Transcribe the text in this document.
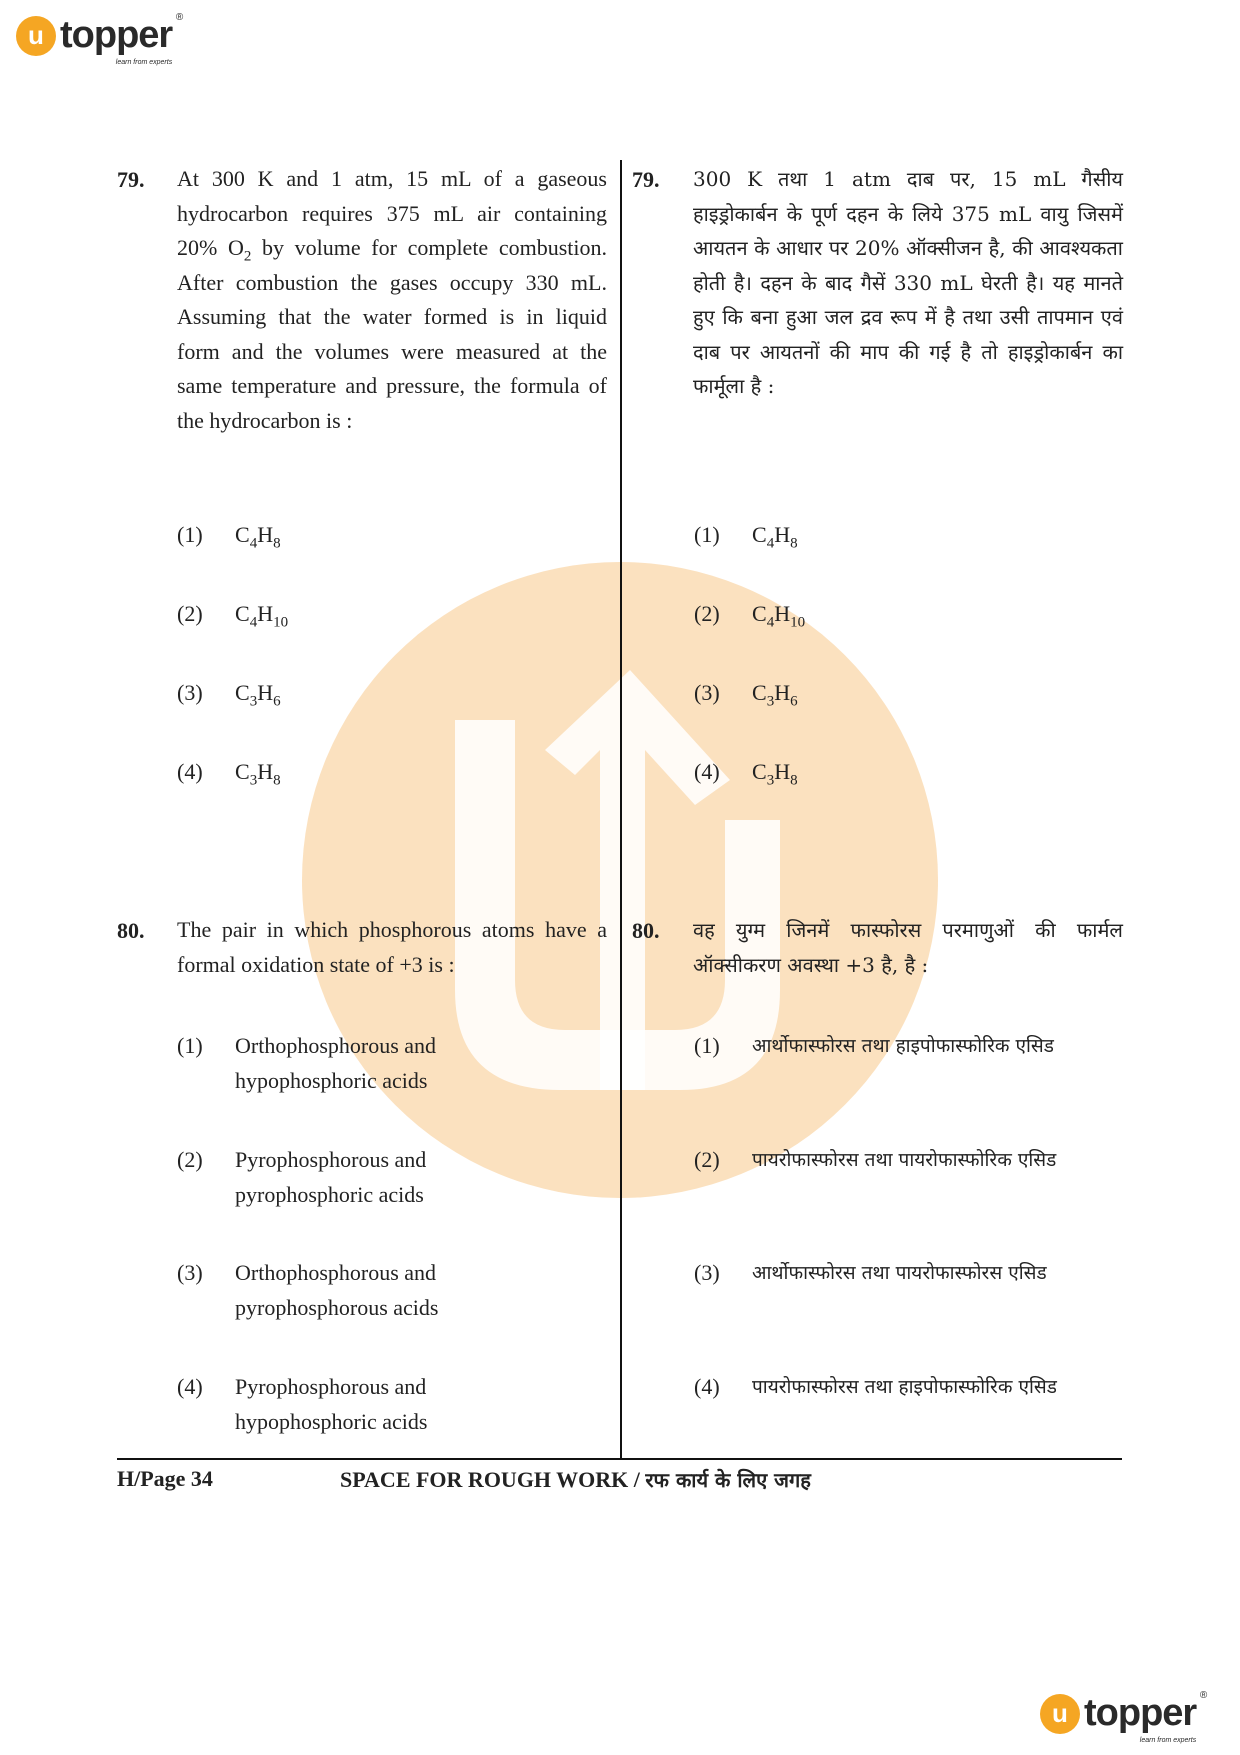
u topper ®
learn from experts
79. At 300 K and 1 atm, 15 mL of a gaseous hydrocarbon requires 375 mL air containing 20% $O_2$ by volume for complete combustion. After combustion the gases occupy 330 mL. Assuming that the water formed is in liquid form and the volumes were measured at the same temperature and pressure, the formula of the hydrocarbon is :
79. 300 K तथा 1 atm दाब पर, 15 mL गैसीय हाइड्रोकार्बन के पूर्ण दहन के लिये 375 mL वायु जिसमें आयतन के आधार पर 20% ऑक्सीजन है, की आवश्यकता होती है। दहन के बाद गैसें 330 mL घेरती है। यह मानते हुए कि बना हुआ जल द्रव रूप में है तथा उसी तापमान एवं दाब पर आयतनों की माप की गई है तो हाइड्रोकार्बन का फार्मूला है :
(1) $C_4H_8$
(2) $C_4H_{10}$
(3) $C_3H_6$
(4) $C_3H_8$
(1) $C_4H_8$
(2) $C_4H_{10}$
(3) $C_3H_6$
(4) $C_3H_8$
80. The pair in which phosphorous atoms have a formal oxidation state of +3 is :
80. वह युग्म जिनमें फास्फोरस परमाणुओं की फार्मल ऑक्सीकरण अवस्था +3 है, है :
(1) Orthophosphorous and hypophosphoric acids
(2) Pyrophosphorous and pyrophosphoric acids
(3) Orthophosphorous and pyrophosphorous acids
(4) Pyrophosphorous and hypophosphoric acids
(1) आर्थोफास्फोरस तथा हाइपोफास्फोरिक एसिड
(2) पायरोफास्फोरस तथा पायरोफास्फोरिक एसिड
(3) आर्थोफास्फोरस तथा पायरोफास्फोरस एसिड
(4) पायरोफास्फोरस तथा हाइपोफास्फोरिक एसिड
H/Page 34	SPACE FOR ROUGH WORK / रफ कार्य के लिए जगह
u topper ®
learn from experts
